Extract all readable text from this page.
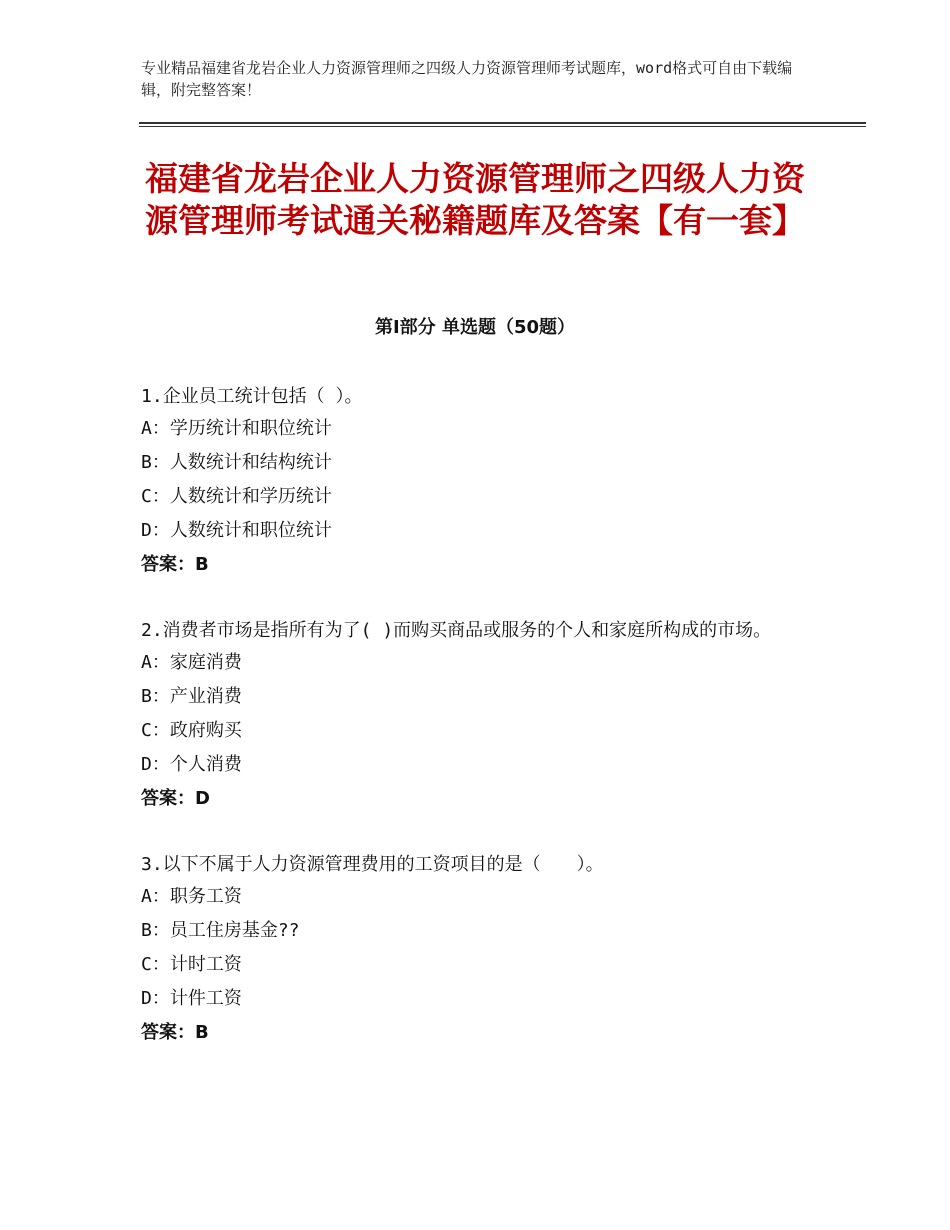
专业精品福建省龙岩企业人力资源管理师之四级人力资源管理师考试题库，word格式可自由下载编辑，附完整答案！

福建省龙岩企业人力资源管理师之四级人力资源管理师考试通关秘籍题库及答案【有一套】
第Ⅰ部分 单选题（50题）

1.企业员工统计包括（ ）。

A：学历统计和职位统计

B：人数统计和结构统计

C：人数统计和学历统计

D：人数统计和职位统计

答案：B

2.消费者市场是指所有为了( )而购买商品或服务的个人和家庭所构成的市场。

A：家庭消费

B：产业消费

C：政府购买

D：个人消费

答案：D

3.以下不属于人力资源管理费用的工资项目的是（　　）。

A：职务工资

B：员工住房基金??

C：计时工资

D：计件工资

答案：B
